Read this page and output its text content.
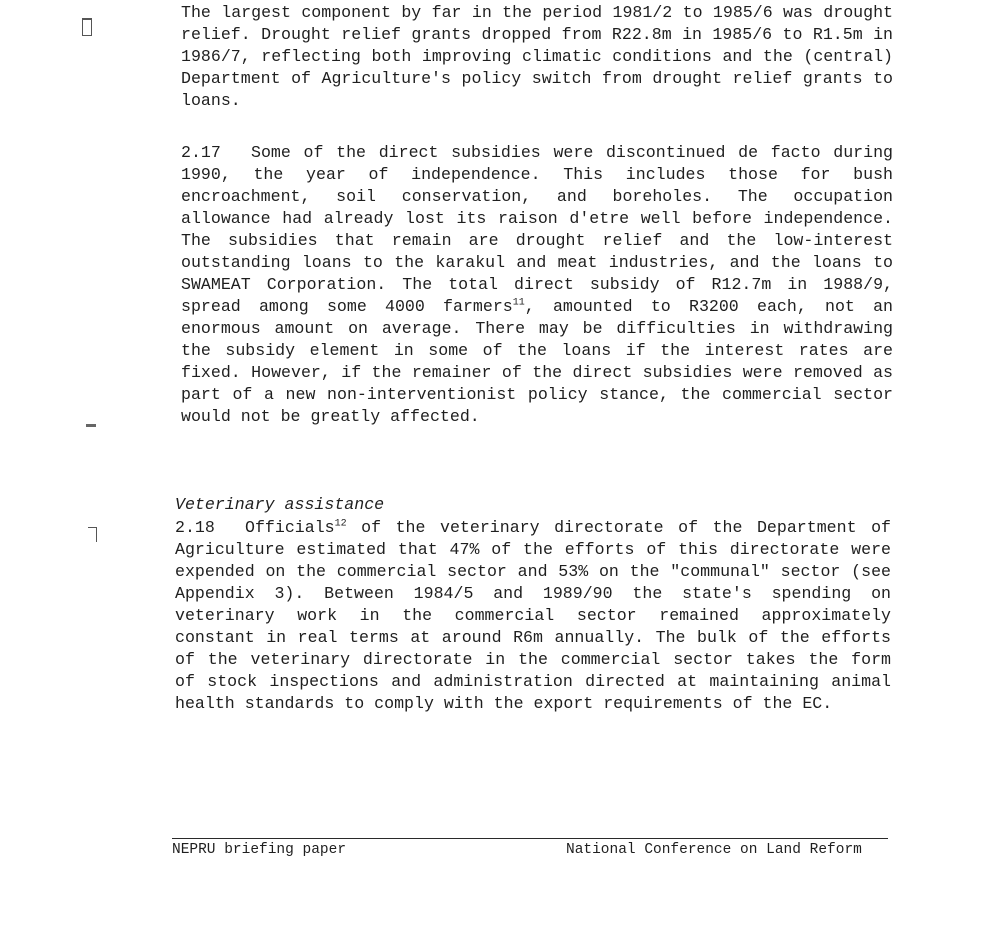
The largest component by far in the period 1981/2 to 1985/6 was drought relief. Drought relief grants dropped from R22.8m in 1985/6 to R1.5m in 1986/7, reflecting both improving climatic conditions and the (central) Department of Agriculture's policy switch from drought relief grants to loans.

2.17 Some of the direct subsidies were discontinued de facto during 1990, the year of independence. This includes those for bush encroachment, soil conservation, and boreholes. The occupation allowance had already lost its raison d'etre well before independence. The subsidies that remain are drought relief and the low-interest outstanding loans to the karakul and meat industries, and the loans to SWAMEAT Corporation. The total direct subsidy of R12.7m in 1988/9, spread among some 4000 farmers$^{11}$, amounted to R3200 each, not an enormous amount on average. There may be difficulties in withdrawing the subsidy element in some of the loans if the interest rates are fixed. However, if the remainer of the direct subsidies were removed as part of a new non-interventionist policy stance, the commercial sector would not be greatly affected.

Veterinary assistance

2.18 Officials$^{12}$ of the veterinary directorate of the Department of Agriculture estimated that 47% of the efforts of this directorate were expended on the commercial sector and 53% on the "communal" sector (see Appendix 3). Between 1984/5 and 1989/90 the state's spending on veterinary work in the commercial sector remained approximately constant in real terms at around R6m annually. The bulk of the efforts of the veterinary directorate in the commercial sector takes the form of stock inspections and administration directed at maintaining animal health standards to comply with the export requirements of the EC.

NEPRU briefing paper	National Conference on Land Reform
